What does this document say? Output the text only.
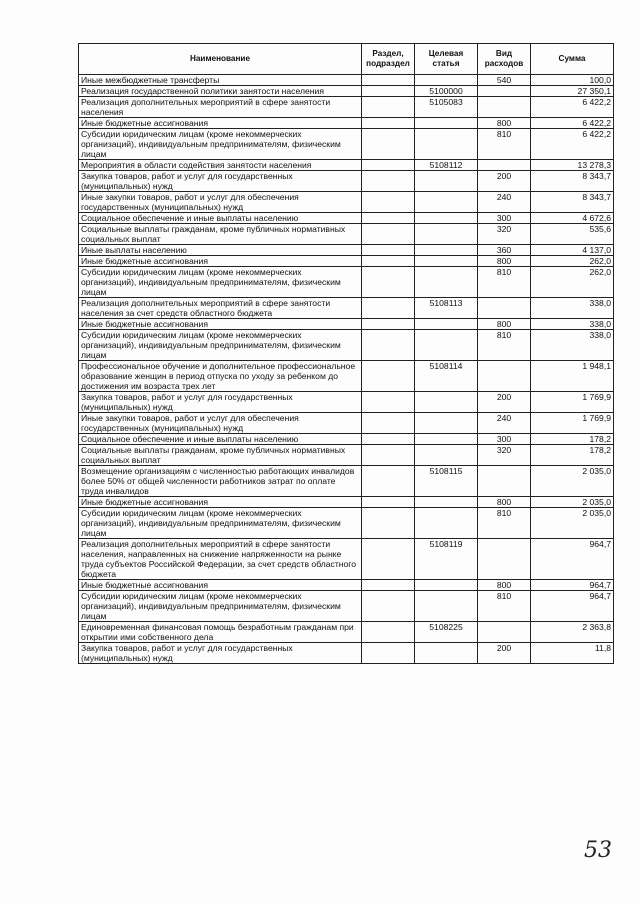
Наименование	Раздел, подраздел	Целевая статья	Вид расходов	Сумма
Иные межбюджетные трансферты			540	100,0
Реализация государственной политики занятости населения		5100000		27 350,1
Реализация дополнительных мероприятий в сфере занятости населения		5105083		6 422,2
Иные бюджетные ассигнования			800	6 422,2
Субсидии юридическим лицам (кроме некоммерческих организаций), индивидуальным предпринимателям, физическим лицам			810	6 422,2
Мероприятия в области содействия занятости населения		5108112		13 278,3
Закупка товаров, работ и услуг для государственных (муниципальных) нужд			200	8 343,7
Иные закупки товаров, работ и услуг для обеспечения государственных (муниципальных) нужд			240	8 343,7
Социальное обеспечение и иные выплаты населению			300	4 672,6
Социальные выплаты гражданам, кроме публичных нормативных социальных выплат			320	535,6
Иные выплаты населению			360	4 137,0
Иные бюджетные ассигнования			800	262,0
Субсидии юридическим лицам (кроме некоммерческих организаций), индивидуальным предпринимателям, физическим лицам			810	262,0
Реализация дополнительных мероприятий в сфере занятости населения за счет средств областного бюджета		5108113		338,0
Иные бюджетные ассигнования			800	338,0
Субсидии юридическим лицам (кроме некоммерческих организаций), индивидуальным предпринимателям, физическим лицам			810	338,0
Профессиональное обучение и дополнительное профессиональное образование женщин в период отпуска по уходу за ребенком до достижения им возраста трех лет		5108114		1 948,1
Закупка товаров, работ и услуг для государственных (муниципальных) нужд			200	1 769,9
Иные закупки товаров, работ и услуг для обеспечения государственных (муниципальных) нужд			240	1 769,9
Социальное обеспечение и иные выплаты населению			300	178,2
Социальные выплаты гражданам, кроме публичных нормативных социальных выплат			320	178,2
Возмещение организациям с численностью работающих инвалидов более 50% от общей численности работников затрат по оплате труда инвалидов		5108115		2 035,0
Иные бюджетные ассигнования			800	2 035,0
Субсидии юридическим лицам (кроме некоммерческих организаций), индивидуальным предпринимателям, физическим лицам			810	2 035,0
Реализация дополнительных мероприятий в сфере занятости населения, направленных на снижение напряженности на рынке труда субъектов Российской Федерации, за счет средств областного бюджета		5108119		964,7
Иные бюджетные ассигнования			800	964,7
Субсидии юридическим лицам (кроме некоммерческих организаций), индивидуальным предпринимателям, физическим лицам			810	964,7
Единовременная финансовая помощь безработным гражданам при открытии ими собственного дела		5108225		2 363,8
Закупка товаров, работ и услуг для государственных (муниципальных) нужд			200	11,8
53
